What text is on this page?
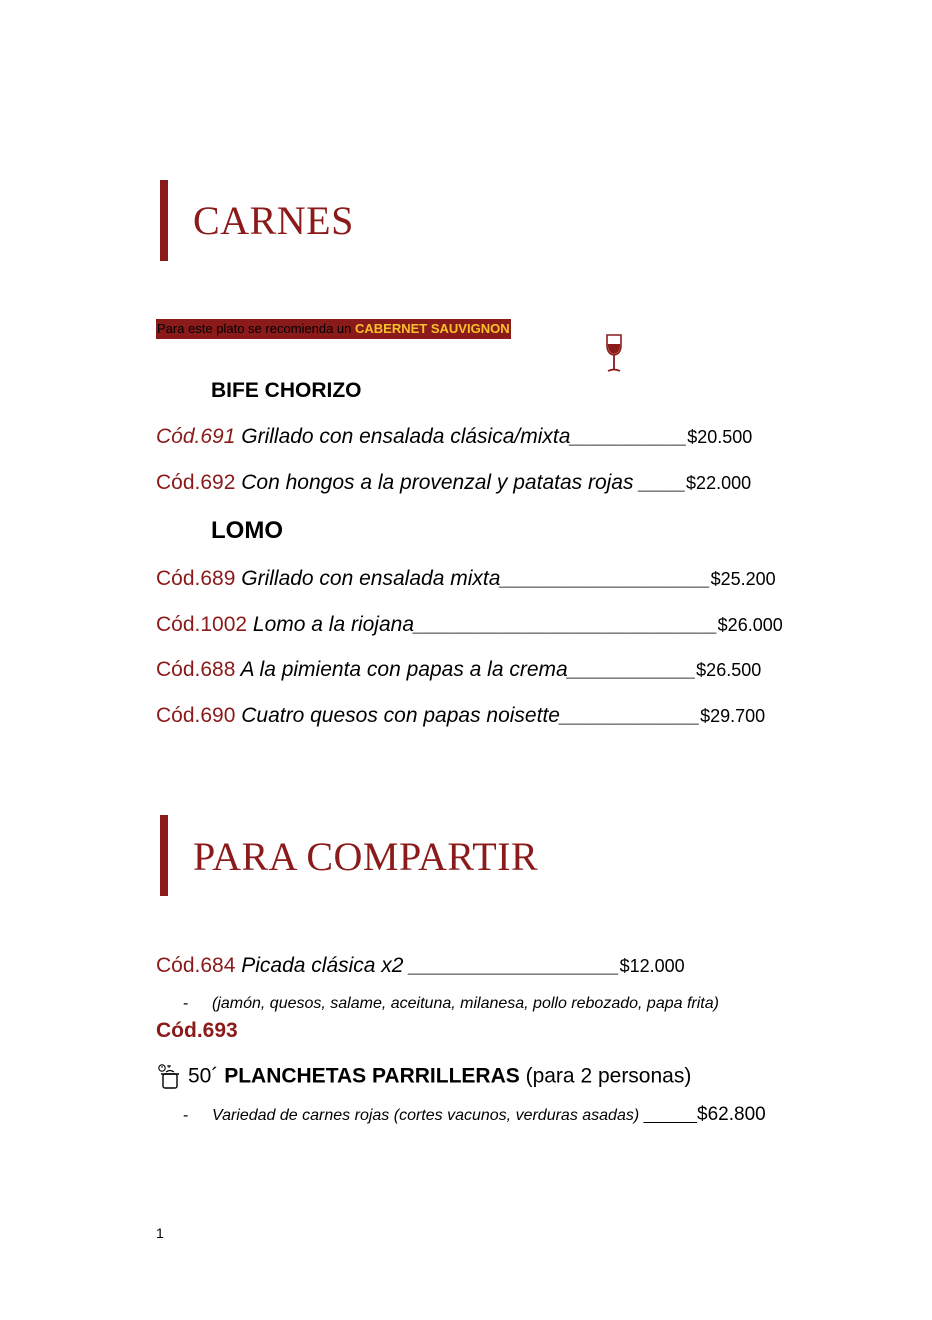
CARNES
Para este plato se recomienda un CABERNET SAUVIGNON
BIFE CHORIZO
Cód.691 Grillado con ensalada clásica/mixta__________$20.500
Cód.692 Con hongos a la provenzal y patatas rojas ____$22.000
LOMO
Cód.689 Grillado con ensalada mixta__________________$25.200
Cód.1002 Lomo a la riojana__________________________$26.000
Cód.688 A la pimienta con papas a la crema___________$26.500
Cód.690 Cuatro quesos con papas noisette____________$29.700
PARA COMPARTIR
Cód.684 Picada clásica x2 __________________$12.000
- (jamón, quesos, salame, aceituna, milanesa, pollo rebozado, papa frita)
Cód.693
50´ PLANCHETAS PARRILLERAS (para 2 personas)
- Variedad de carnes rojas (cortes vacunos, verduras asadas) ______$62.800
1
